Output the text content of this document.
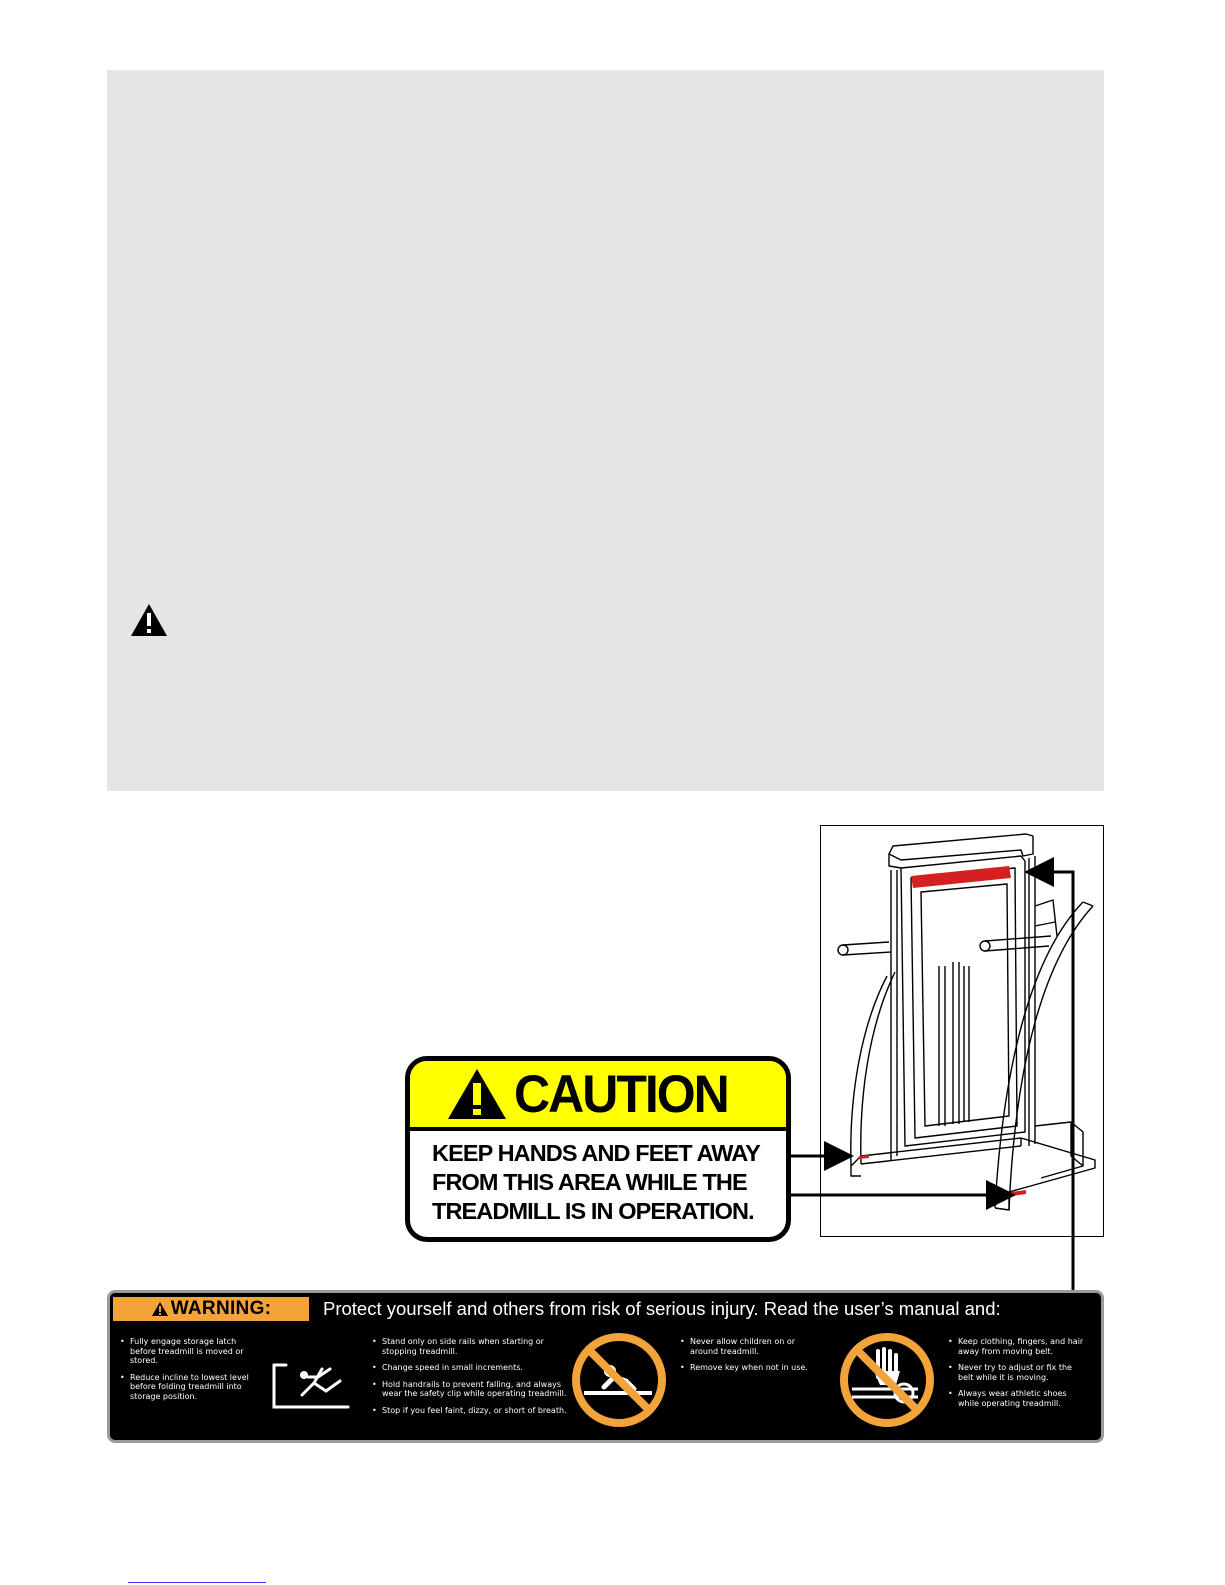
CAUTION
KEEP HANDS AND FEET AWAY
FROM THIS AREA WHILE THE
TREADMILL IS IN OPERATION.
WARNING:	Protect yourself and others from risk of serious injury. Read the user’s manual and:
• Fully engage storage latch before treadmill is moved or stored.
• Reduce incline to lowest level before folding treadmill into storage position.
• Stand only on side rails when starting or stopping treadmill.
• Change speed in small increments.
• Hold handrails to prevent falling, and always wear the safety clip while operating treadmill.
• Stop if you feel faint, dizzy, or short of breath.
• Never allow children on or around treadmill.
• Remove key when not in use.
• Keep clothing, fingers, and hair away from moving belt.
• Never try to adjust or fix the belt while it is moving.
• Always wear athletic shoes while operating treadmill.
